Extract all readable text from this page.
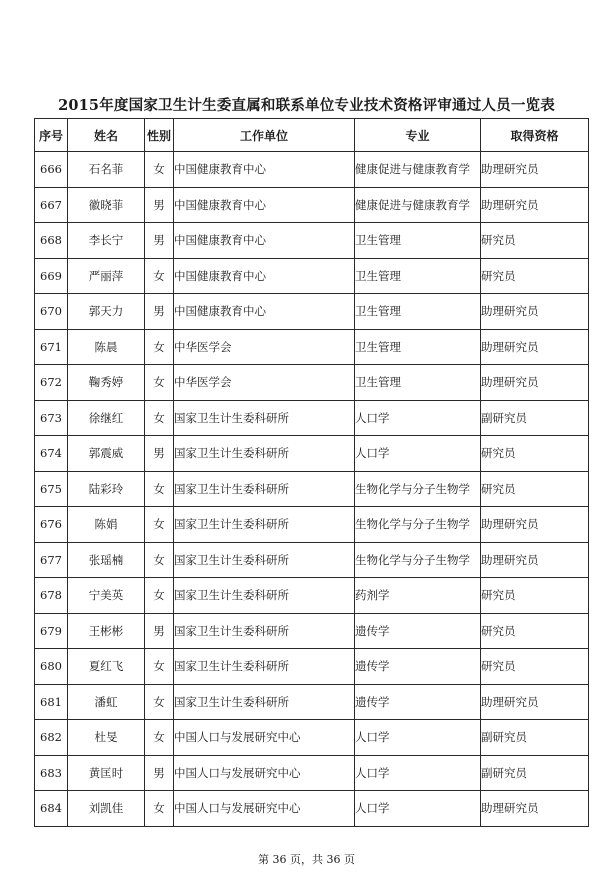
2015年度国家卫生计生委直属和联系单位专业技术资格评审通过人员一览表
序号	姓名	性别	工作单位	专业	取得资格
666	石名菲	女	中国健康教育中心	健康促进与健康教育学	助理研究员
667	徽晓菲	男	中国健康教育中心	健康促进与健康教育学	助理研究员
668	李长宁	男	中国健康教育中心	卫生管理	研究员
669	严丽萍	女	中国健康教育中心	卫生管理	研究员
670	郭天力	男	中国健康教育中心	卫生管理	助理研究员
671	陈晨	女	中华医学会	卫生管理	助理研究员
672	鞠秀婷	女	中华医学会	卫生管理	助理研究员
673	徐继红	女	国家卫生计生委科研所	人口学	副研究员
674	郭震威	男	国家卫生计生委科研所	人口学	研究员
675	陆彩玲	女	国家卫生计生委科研所	生物化学与分子生物学	研究员
676	陈娟	女	国家卫生计生委科研所	生物化学与分子生物学	助理研究员
677	张瑶楠	女	国家卫生计生委科研所	生物化学与分子生物学	助理研究员
678	宁美英	女	国家卫生计生委科研所	药剂学	研究员
679	王彬彬	男	国家卫生计生委科研所	遗传学	研究员
680	夏红飞	女	国家卫生计生委科研所	遗传学	研究员
681	潘虹	女	国家卫生计生委科研所	遗传学	助理研究员
682	杜旻	女	中国人口与发展研究中心	人口学	副研究员
683	黄匡时	男	中国人口与发展研究中心	人口学	副研究员
684	刘凯佳	女	中国人口与发展研究中心	人口学	助理研究员
第 36 页，共 36 页
